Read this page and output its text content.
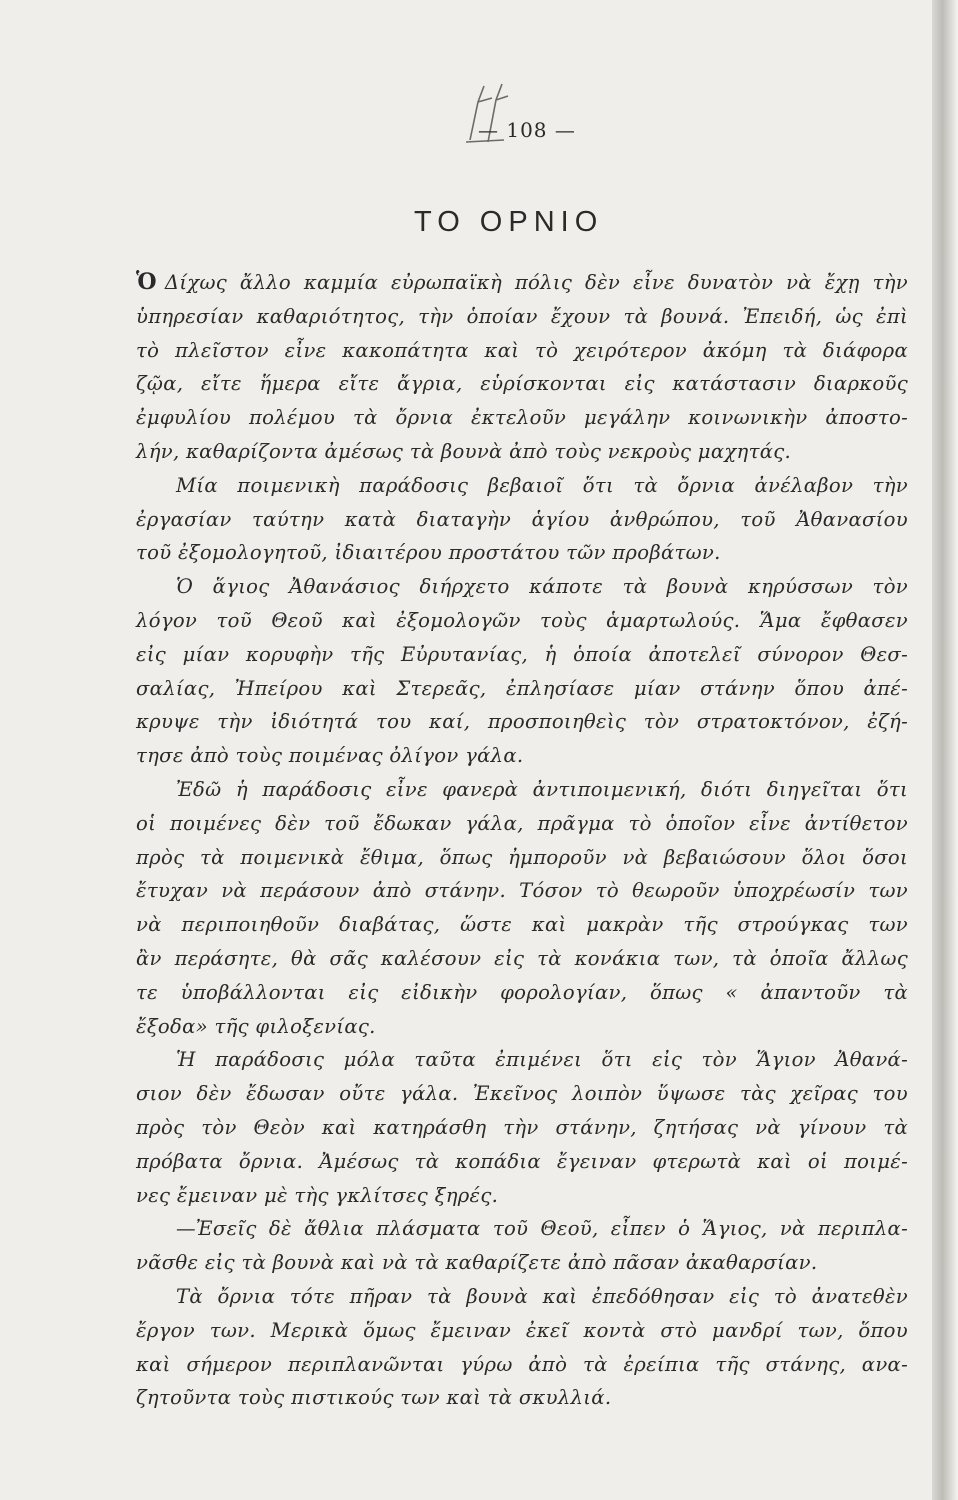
— 108 —
ΤΟ ΟΡΝΙΟ
Ὁ Δίχως ἄλλο καμμία εὐρωπαϊκὴ πόλις δὲν εἶνε δυνατὸν νὰ ἔχῃ τὴν
ὑπηρεσίαν καθαριότητος, τὴν ὁποίαν ἔχουν τὰ βουνά. Ἐπειδή, ὡς ἐπὶ
τὸ πλεῖστον εἶνε κακοπάτητα καὶ τὸ χειρότερον ἀκόμη τὰ διάφορα
ζῷα, εἴτε ἥμερα εἴτε ἄγρια, εὑρίσκονται εἰς κατάστασιν διαρκοῦς
ἐμφυλίου πολέμου τὰ ὄρνια ἐκτελοῦν μεγάλην κοινωνικὴν ἀποστο-
λήν, καθαρίζοντα ἀμέσως τὰ βουνὰ ἀπὸ τοὺς νεκροὺς μαχητάς.
Μία ποιμενικὴ παράδοσις βεβαιοῖ ὅτι τὰ ὄρνια ἀνέλαβον τὴν
ἐργασίαν ταύτην κατὰ διαταγὴν ἁγίου ἀνθρώπου, τοῦ Ἀθανασίου
τοῦ ἐξομολογητοῦ, ἰδιαιτέρου προστάτου τῶν προβάτων.
Ὁ ἅγιος Ἀθανάσιος διήρχετο κάποτε τὰ βουνὰ κηρύσσων τὸν
λόγον τοῦ Θεοῦ καὶ ἐξομολογῶν τοὺς ἁμαρτωλούς. Ἅμα ἔφθασεν
εἰς μίαν κορυφὴν τῆς Εὐρυτανίας, ἡ ὁποία ἀποτελεῖ σύνορον Θεσ-
σαλίας, Ἠπείρου καὶ Στερεᾶς, ἐπλησίασε μίαν στάνην ὅπου ἀπέ-
κρυψε τὴν ἰδιότητά του καί, προσποιηθεὶς τὸν στρατοκτόνον, ἐζή-
τησε ἀπὸ τοὺς ποιμένας ὀλίγον γάλα.
Ἐδῶ ἡ παράδοσις εἶνε φανερὰ ἀντιποιμενική, διότι διηγεῖται ὅτι
οἱ ποιμένες δὲν τοῦ ἔδωκαν γάλα, πρᾶγμα τὸ ὁποῖον εἶνε ἀντίθετον
πρὸς τὰ ποιμενικὰ ἔθιμα, ὅπως ἠμποροῦν νὰ βεβαιώσουν ὅλοι ὅσοι
ἔτυχαν νὰ περάσουν ἀπὸ στάνην. Τόσον τὸ θεωροῦν ὑποχρέωσίν των
νὰ περιποιηθοῦν διαβάτας, ὥστε καὶ μακρὰν τῆς στρούγκας των
ἂν περάσητε, θὰ σᾶς καλέσουν εἰς τὰ κονάκια των, τὰ ὁποῖα ἄλλως
τε ὑποβάλλονται εἰς εἰδικὴν φορολογίαν, ὅπως « ἀπαντοῦν τὰ
ἔξοδα» τῆς φιλοξενίας.
Ἡ παράδοσις μόλα ταῦτα ἐπιμένει ὅτι εἰς τὸν Ἅγιον Ἀθανά-
σιον δὲν ἔδωσαν οὔτε γάλα. Ἐκεῖνος λοιπὸν ὕψωσε τὰς χεῖρας του
πρὸς τὸν Θεὸν καὶ κατηράσθη τὴν στάνην, ζητήσας νὰ γίνουν τὰ
πρόβατα ὄρνια. Ἀμέσως τὰ κοπάδια ἔγειναν φτερωτὰ καὶ οἱ ποιμέ-
νες ἔμειναν μὲ τὴς γκλίτσες ξηρές.
—Ἐσεῖς δὲ ἄθλια πλάσματα τοῦ Θεοῦ, εἶπεν ὁ Ἅγιος, νὰ περιπλα-
νᾶσθε εἰς τὰ βουνὰ καὶ νὰ τὰ καθαρίζετε ἀπὸ πᾶσαν ἀκαθαρσίαν.
Τὰ ὄρνια τότε πῆραν τὰ βουνὰ καὶ ἐπεδόθησαν εἰς τὸ ἀνατεθὲν
ἔργον των. Μερικὰ ὅμως ἔμειναν ἐκεῖ κοντὰ στὸ μανδρί των, ὅπου
καὶ σήμερον περιπλανῶνται γύρω ἀπὸ τὰ ἐρείπια τῆς στάνης, ανα-
ζητοῦντα τοὺς πιστικούς των καὶ τὰ σκυλλιά.
